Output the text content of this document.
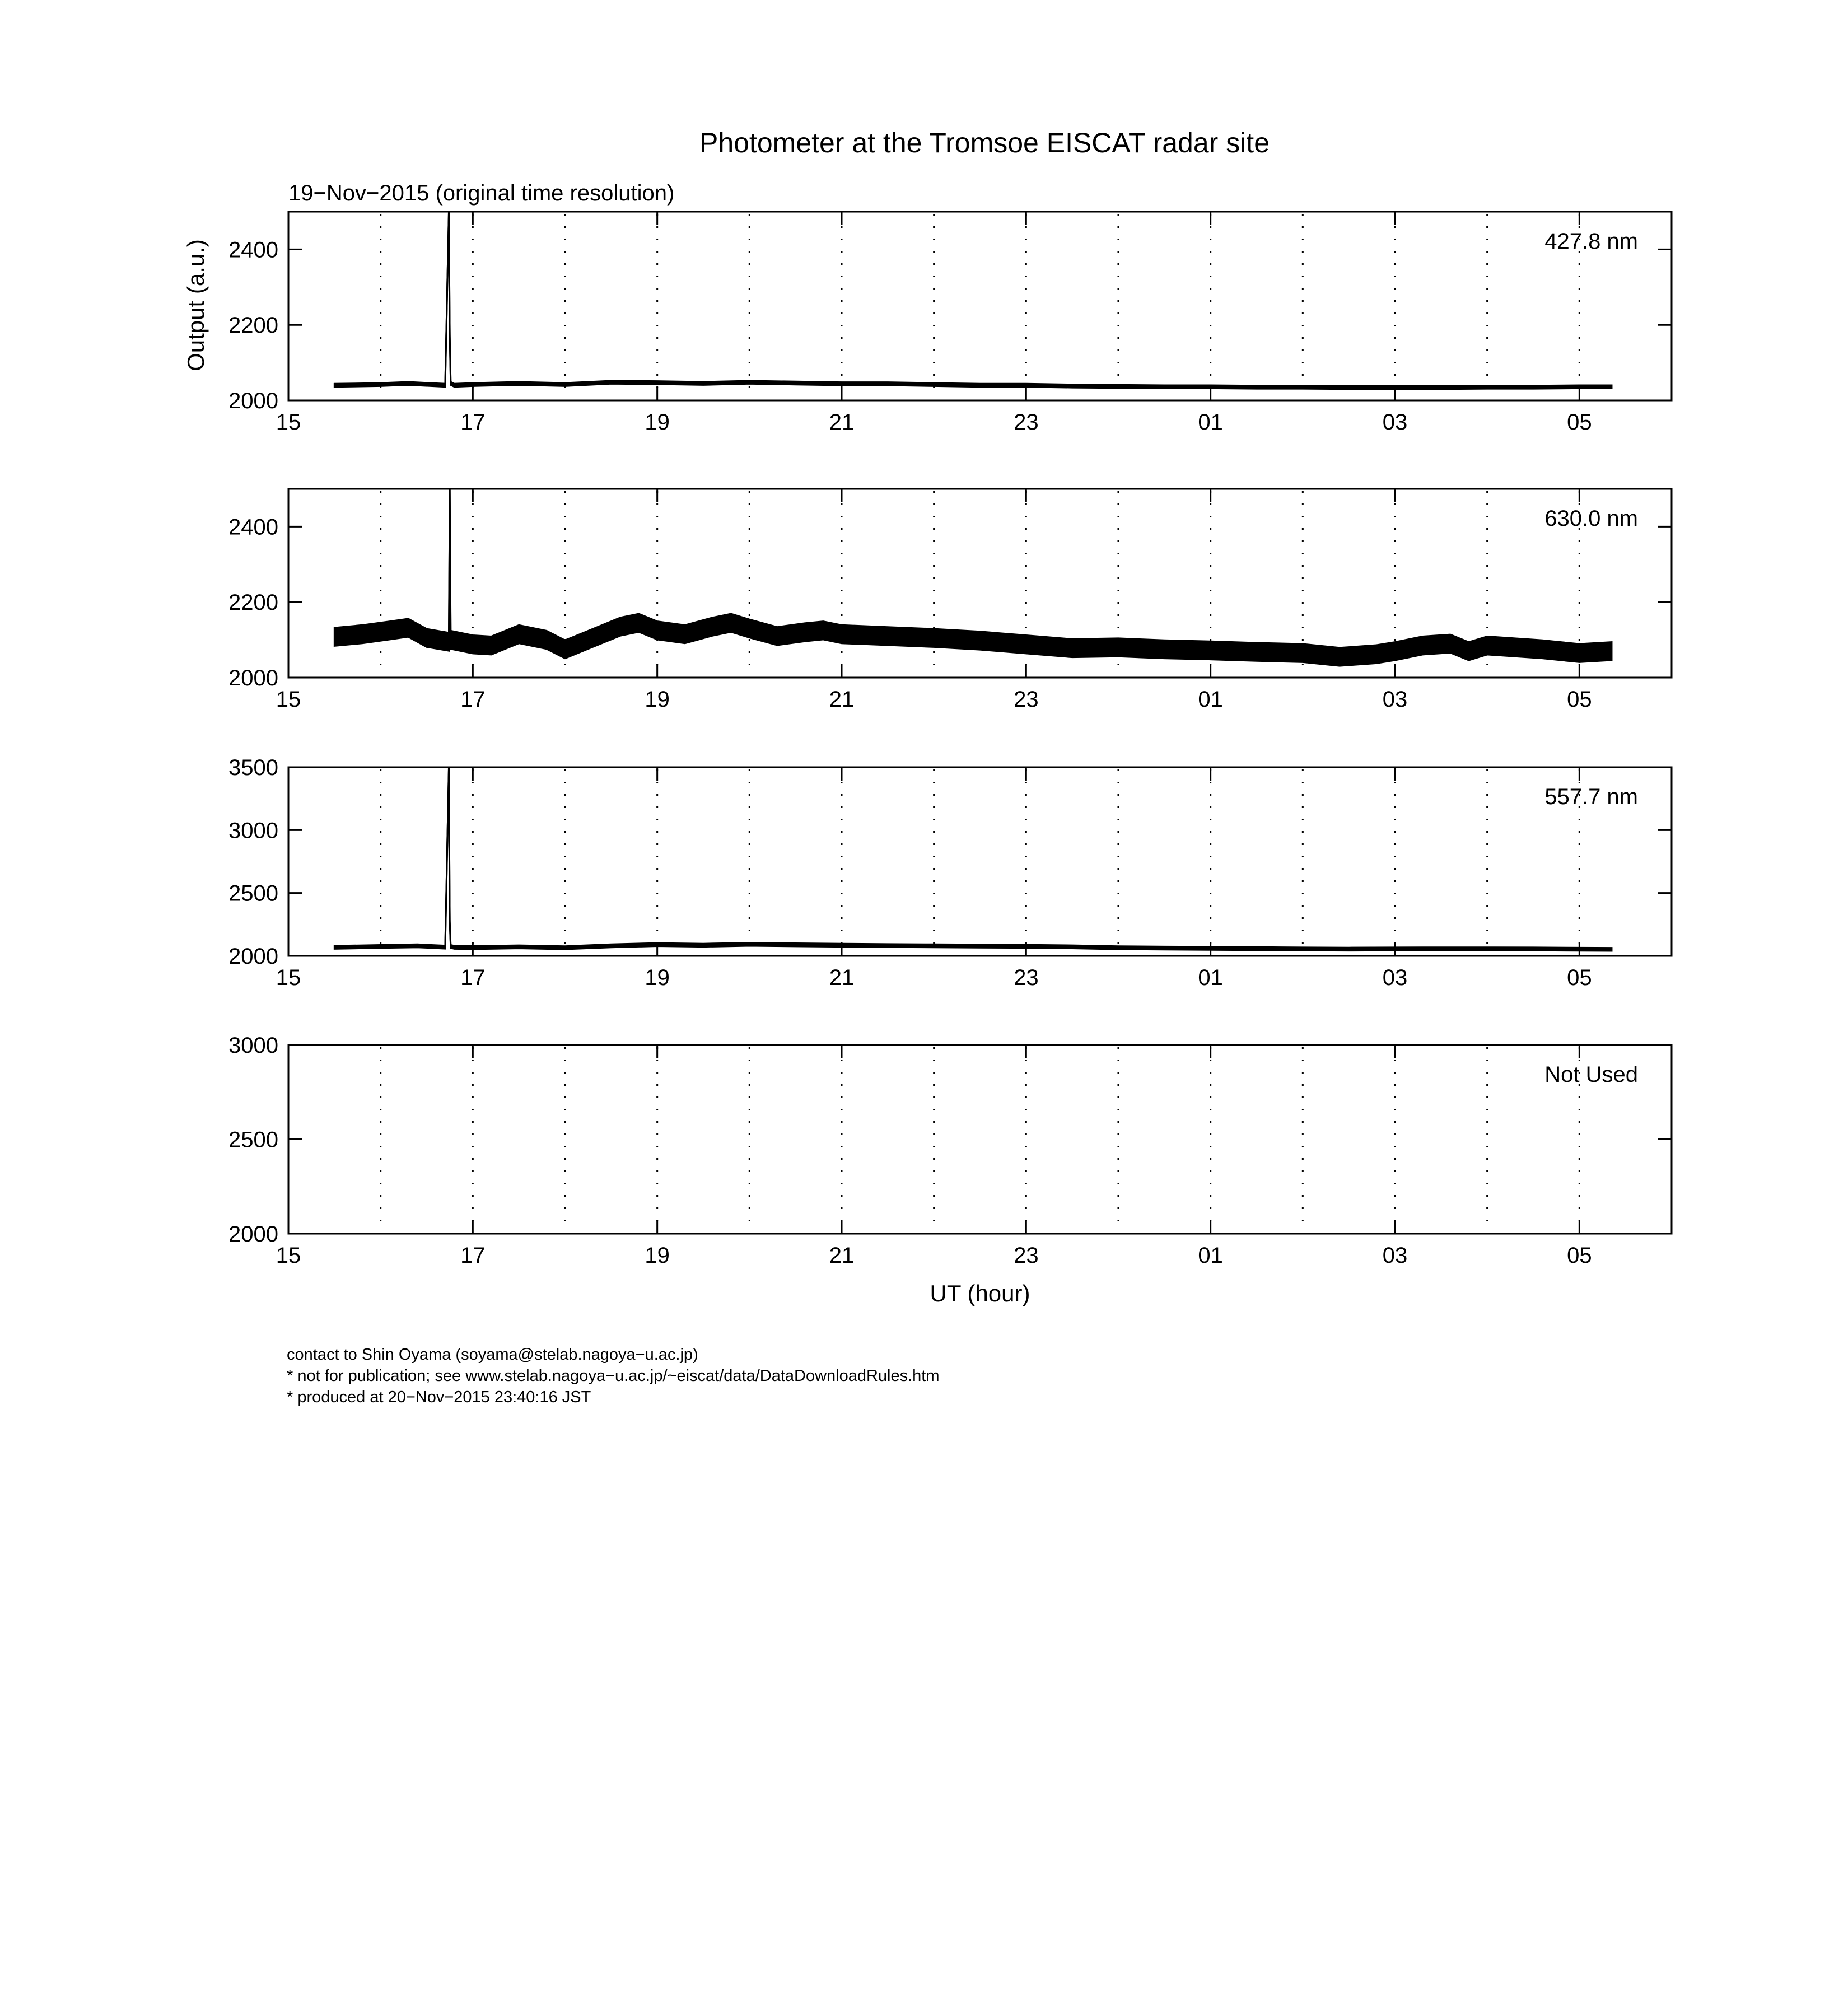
Photometer at the Tromsoe EISCAT radar site
19−Nov−2015 (original time resolution)
Output (a.u.)
UT (hour)
2000
2200
2400
15	17	19	21	23	01	03	05
427.8 nm
2000
2200
2400
15	17	19	21	23	01	03	05
630.0 nm
2000
2500
3000
3500
15	17	19	21	23	01	03	05
557.7 nm
2000
2500
3000
15	17	19	21	23	01	03	05
Not Used
contact to Shin Oyama (soyama@stelab.nagoya−u.ac.jp)
* not for publication; see www.stelab.nagoya−u.ac.jp/~eiscat/data/DataDownloadRules.htm
* produced at 20−Nov−2015 23:40:16 JST
